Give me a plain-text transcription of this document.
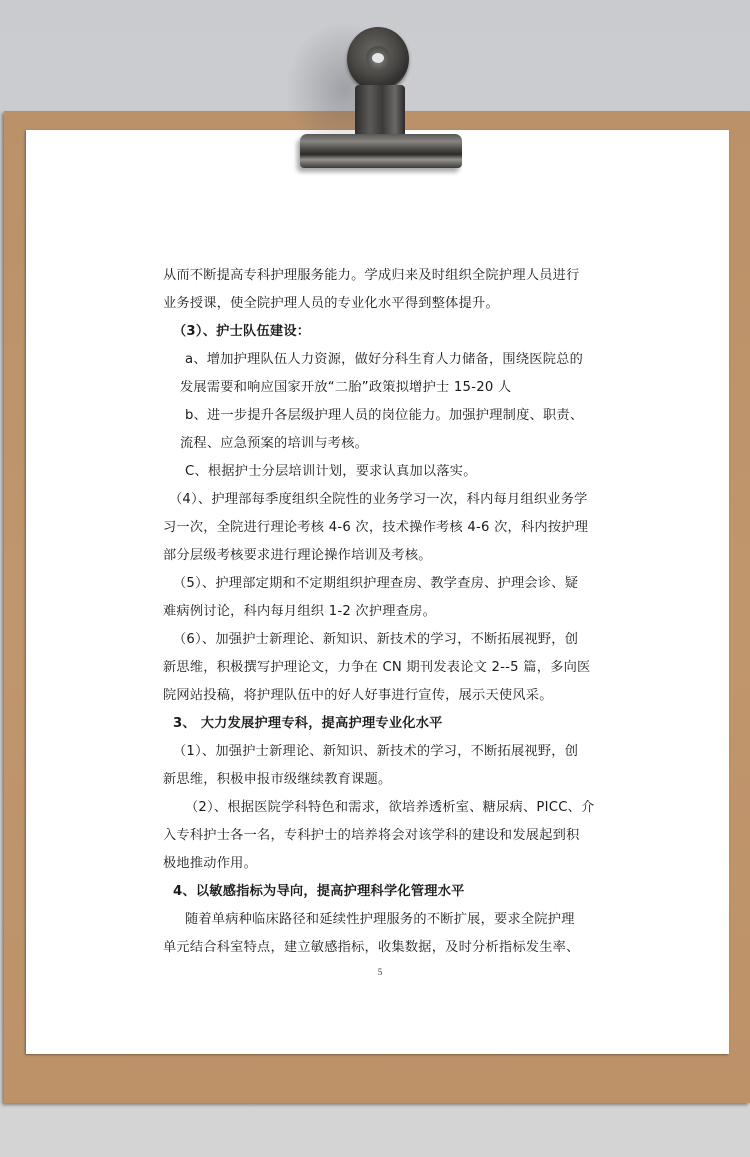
从而不断提高专科护理服务能力。学成归来及时组织全院护理人员进行
业务授课，使全院护理人员的专业化水平得到整体提升。
（3）、护士队伍建设：
a、增加护理队伍人力资源，做好分科生育人力储备，围绕医院总的
发展需要和响应国家开放“二胎”政策拟增护士 15-20 人
b、进一步提升各层级护理人员的岗位能力。加强护理制度、职责、
流程、应急预案的培训与考核。
C、根据护士分层培训计划，要求认真加以落实。
（4）、护理部每季度组织全院性的业务学习一次，科内每月组织业务学
习一次，全院进行理论考核 4-6 次，技术操作考核 4-6 次，科内按护理
部分层级考核要求进行理论操作培训及考核。
（5）、护理部定期和不定期组织护理查房、教学查房、护理会诊、疑
难病例讨论，科内每月组织 1-2 次护理查房。
（6）、加强护士新理论、新知识、新技术的学习，不断拓展视野，创
新思维，积极撰写护理论文，力争在 CN 期刊发表论文 2--5 篇，多向医
院网站投稿，将护理队伍中的好人好事进行宣传，展示天使风采。
3、 大力发展护理专科，提高护理专业化水平
（1）、加强护士新理论、新知识、新技术的学习，不断拓展视野，创
新思维，积极申报市级继续教育课题。
（2）、根据医院学科特色和需求，欲培养透析室、糖尿病、PICC、介
入专科护士各一名，专科护士的培养将会对该学科的建设和发展起到积
极地推动作用。
4、以敏感指标为导向，提高护理科学化管理水平
随着单病种临床路径和延续性护理服务的不断扩展，要求全院护理
单元结合科室特点，建立敏感指标，收集数据，及时分析指标发生率、
5
